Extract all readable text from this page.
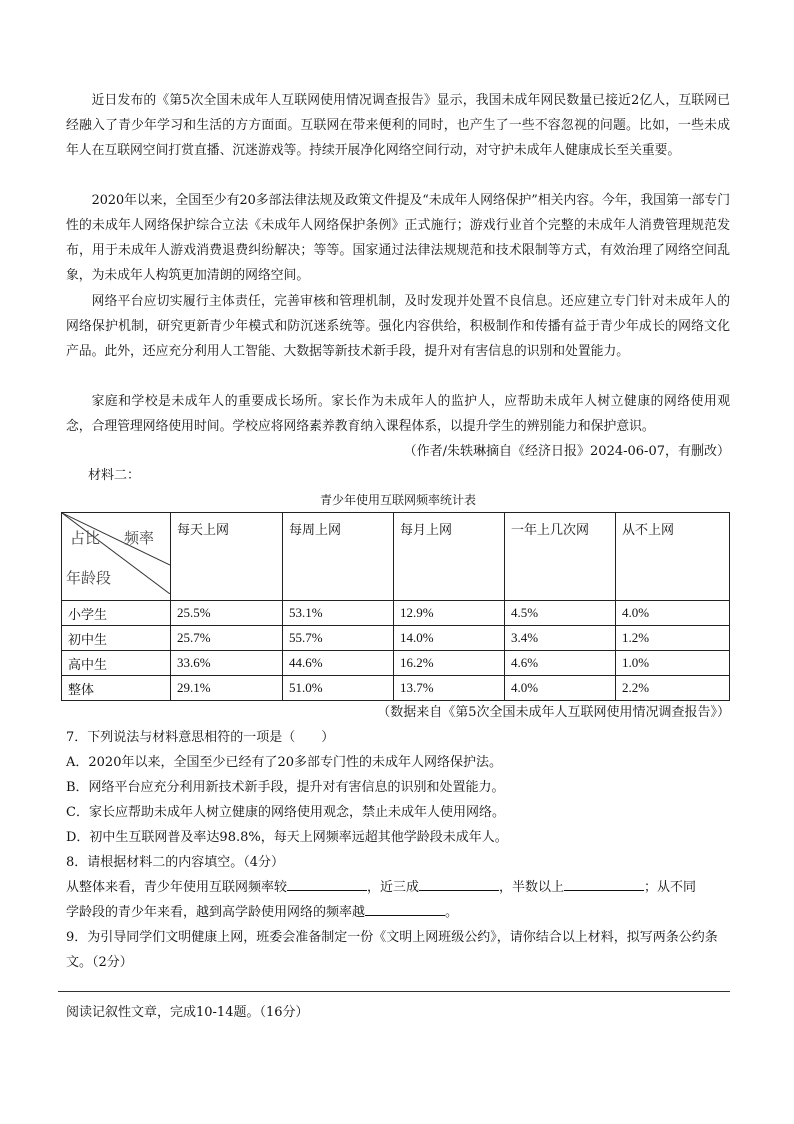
近日发布的《第5次全国未成年人互联网使用情况调查报告》显示，我国未成年网民数量已接近2亿人，互联网已经融入了青少年学习和生活的方方面面。互联网在带来便利的同时，也产生了一些不容忽视的问题。比如，一些未成年人在互联网空间打赏直播、沉迷游戏等。持续开展净化网络空间行动，对守护未成年人健康成长至关重要。

2020年以来，全国至少有20多部法律法规及政策文件提及“未成年人网络保护”相关内容。今年，我国第一部专门性的未成年人网络保护综合立法《未成年人网络保护条例》正式施行；游戏行业首个完整的未成年人消费管理规范发布，用于未成年人游戏消费退费纠纷解决；等等。国家通过法律法规规范和技术限制等方式，有效治理了网络空间乱象，为未成年人构筑更加清朗的网络空间。

网络平台应切实履行主体责任，完善审核和管理机制，及时发现并处置不良信息。还应建立专门针对未成年人的网络保护机制，研究更新青少年模式和防沉迷系统等。强化内容供给，积极制作和传播有益于青少年成长的网络文化产品。此外，还应充分利用人工智能、大数据等新技术新手段，提升对有害信息的识别和处置能力。

家庭和学校是未成年人的重要成长场所。家长作为未成年人的监护人，应帮助未成年人树立健康的网络使用观念，合理管理网络使用时间。学校应将网络素养教育纳入课程体系，以提升学生的辨别能力和保护意识。

（作者/朱轶琳摘自《经济日报》2024-06-07，有删改）

材料二：

青少年使用互联网频率统计表

占比 频率
年龄段	每天上网	每周上网	每月上网	一年上几次网	从不上网
小学生	25.5%	53.1%	12.9%	4.5%	4.0%
初中生	25.7%	55.7%	14.0%	3.4%	1.2%
高中生	33.6%	44.6%	16.2%	4.6%	1.0%
整体	29.1%	51.0%	13.7%	4.0%	2.2%

（数据来自《第5次全国未成年人互联网使用情况调查报告》）

7．下列说法与材料意思相符的一项是（　　）

A．2020年以来，全国至少已经有了20多部专门性的未成年人网络保护法。

B．网络平台应充分利用新技术新手段，提升对有害信息的识别和处置能力。

C．家长应帮助未成年人树立健康的网络使用观念，禁止未成年人使用网络。

D．初中生互联网普及率达98.8%，每天上网频率远超其他学龄段未成年人。

8．请根据材料二的内容填空。（4分）

从整体来看，青少年使用互联网频率较	，近三成	，半数以上	；从不同

学龄段的青少年来看，越到高学龄使用网络的频率越	。

9．为引导同学们文明健康上网，班委会准备制定一份《文明上网班级公约》，请你结合以上材料，拟写两条公约条文。（2分）

阅读记叙性文章，完成10-14题。（16分）
